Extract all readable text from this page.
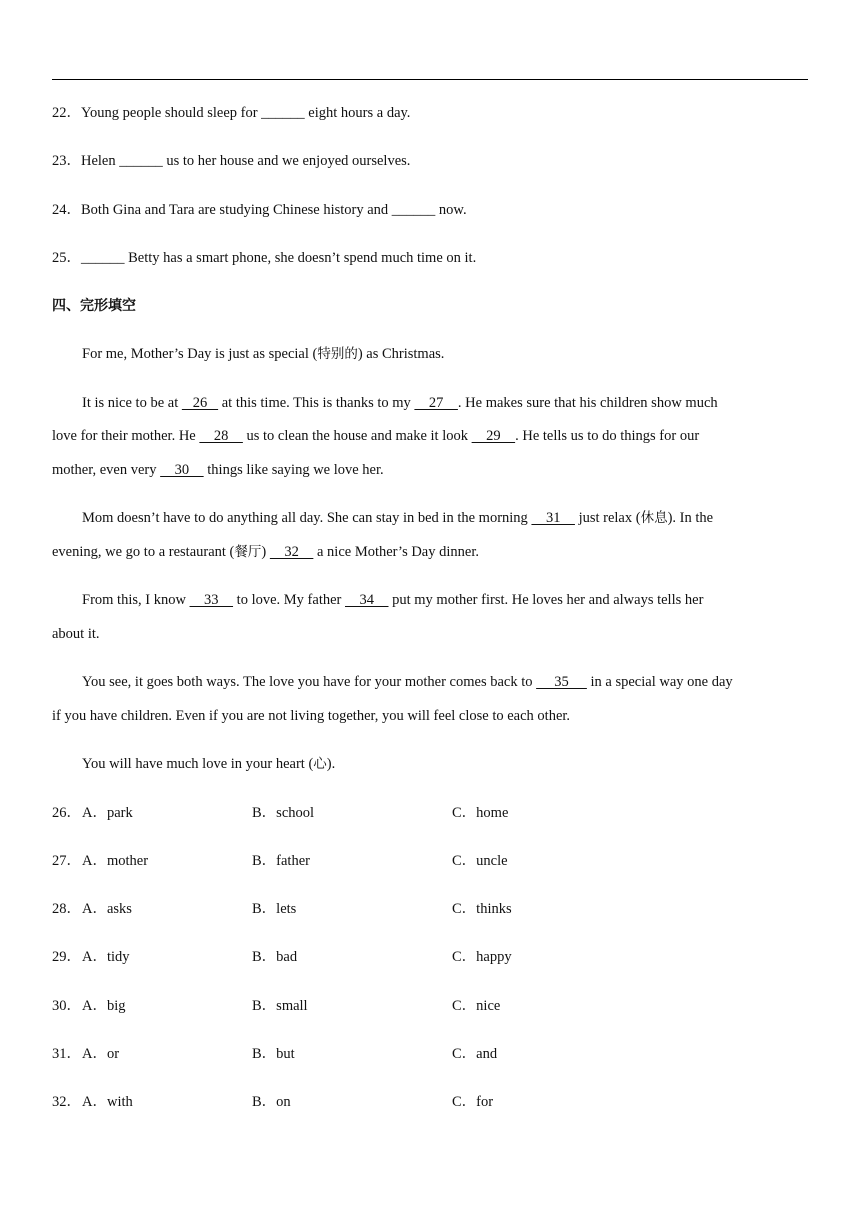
22．Young people should sleep for ______ eight hours a day.
23．Helen ______ us to her house and we enjoyed ourselves.
24．Both Gina and Tara are studying Chinese history and ______ now.
25．______ Betty has a smart phone, she doesn’t spend much time on it.
四、完形填空
For me, Mother’s Day is just as special (特别的) as Christmas.
It is nice to be at    26    at this time. This is thanks to my     27    . He makes sure that his children show much
love for their mother. He     28     us to clean the house and make it look     29    . He tells us to do things for our
mother, even very     30     things like saying we love her.
Mom doesn’t have to do anything all day. She can stay in bed in the morning     31     just relax (休息). In the
evening, we go to a restaurant (餐厅)     32     a nice Mother’s Day dinner.
From this, I know     33     to love. My father     34     put my mother first. He loves her and always tells her
about it.
You see, it goes both ways. The love you have for your mother comes back to      35      in a special way one day
if you have children. Even if you are not living together, you will feel close to each other.
You will have much love in your heart (心).
26． A．park	B．school	C．home
27． A．mother	B．father	C．uncle
28． A．asks	B．lets	C．thinks
29． A．tidy	B．bad	C．happy
30． A．big	B．small	C．nice
31． A．or	B．but	C．and
32． A．with	B．on	C．for
